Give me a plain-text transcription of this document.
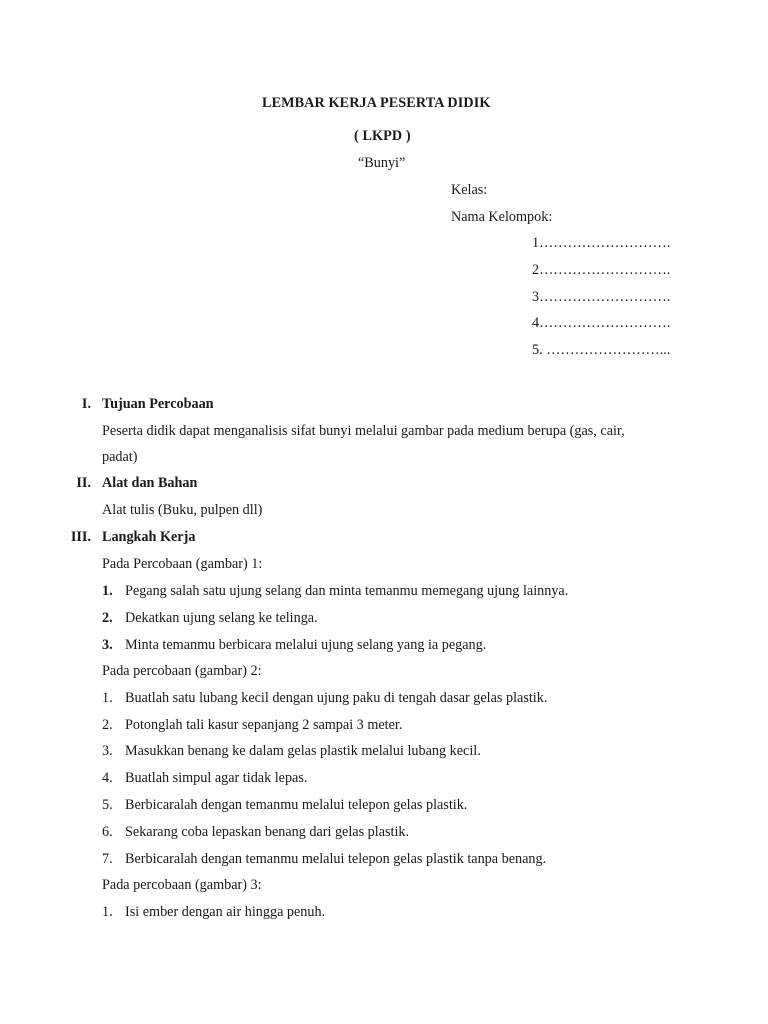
LEMBAR KERJA PESERTA DIDIK
( LKPD )
“Bunyi”
Kelas:
Nama Kelompok:
1……………………….
2……………………….
3……………………….
4……………………….
5. ……………………...
I. Tujuan Percobaan
Peserta didik dapat menganalisis sifat bunyi melalui gambar pada medium berupa (gas, cair,
padat)
II. Alat dan Bahan
Alat tulis (Buku, pulpen dll)
III. Langkah Kerja
Pada Percobaan (gambar) 1:
1. Pegang salah satu ujung selang dan minta temanmu memegang ujung lainnya.
2. Dekatkan ujung selang ke telinga.
3. Minta temanmu berbicara melalui ujung selang yang ia pegang.
Pada percobaan (gambar) 2:
1. Buatlah satu lubang kecil dengan ujung paku di tengah dasar gelas plastik.
2. Potonglah tali kasur sepanjang 2 sampai 3 meter.
3. Masukkan benang ke dalam gelas plastik melalui lubang kecil.
4. Buatlah simpul agar tidak lepas.
5. Berbicaralah dengan temanmu melalui telepon gelas plastik.
6. Sekarang coba lepaskan benang dari gelas plastik.
7. Berbicaralah dengan temanmu melalui telepon gelas plastik tanpa benang.
Pada percobaan (gambar) 3:
1. Isi ember dengan air hingga penuh.
